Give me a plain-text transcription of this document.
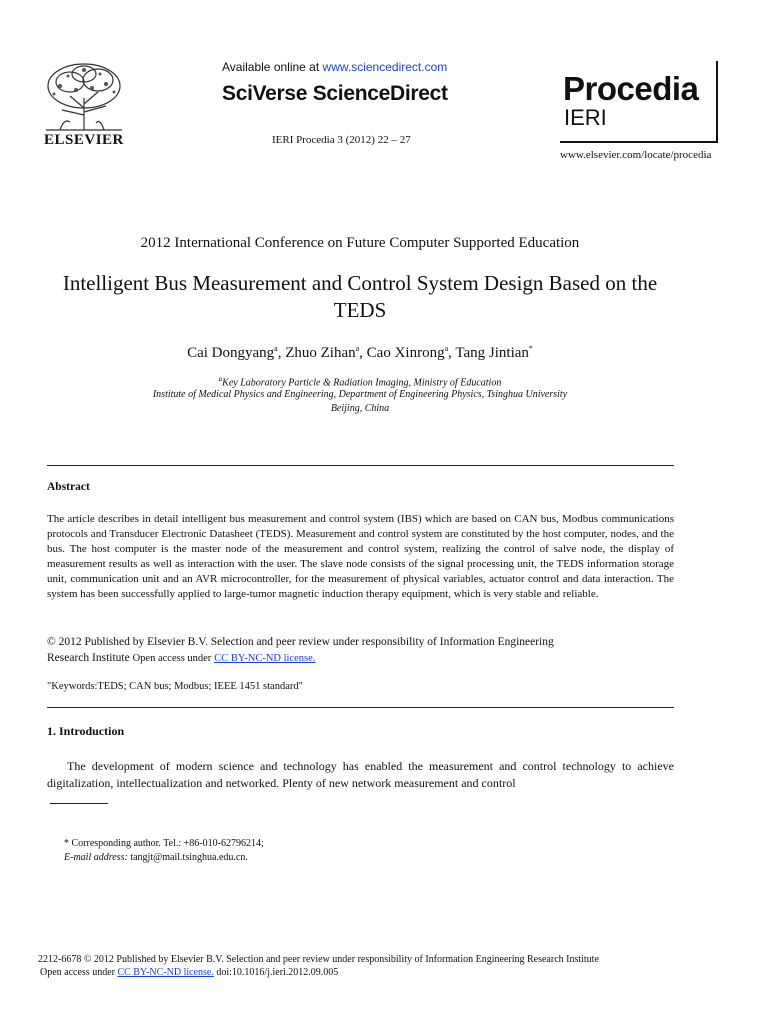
ELSEVIER
Available online at www.sciencedirect.com
SciVerse ScienceDirect
IERI Procedia 3 (2012) 22 – 27
Procedia
IERI
www.elsevier.com/locate/procedia
2012 International Conference on Future Computer Supported Education
Intelligent Bus Measurement and Control System Design Based on the TEDS
Cai Dongyang$^a$, Zhuo Zihan$^a$, Cao Xinrong$^a$, Tang Jintian*
$^a$Key Laboratory Particle & Radiation Imaging, Ministry of Education
Institute of Medical Physics and Engineering, Department of Engineering Physics, Tsinghua University
Beijing, China
Abstract
The article describes in detail intelligent bus measurement and control system (IBS) which are based on CAN bus, Modbus communications protocols and Transducer Electronic Datasheet (TEDS). Measurement and control system are constituted by the host computer, nodes, and the bus. The host computer is the master node of the measurement and control system, realizing the control of salve node, the display of measurement results as well as interaction with the user. The slave node consists of the signal processing unit, the TEDS information storage unit, communication unit and an AVR microcontroller, for the measurement of physical variables, actuator control and data interaction. The system has been successfully applied to large-tumor magnetic induction therapy equipment, which is very stable and reliable.
© 2012 Published by Elsevier B.V. Selection and peer review under responsibility of Information Engineering
Research Institute Open access under CC BY-NC-ND license.
"Keywords:TEDS; CAN bus; Modbus; IEEE 1451 standard"
1. Introduction
The development of modern science and technology has enabled the measurement and control technology to achieve digitalization, intellectualization and networked. Plenty of new network measurement and control
* Corresponding author. Tel.: +86-010-62796214;
E-mail address: tangjt@mail.tsinghua.edu.cn.
2212-6678 © 2012 Published by Elsevier B.V. Selection and peer review under responsibility of Information Engineering Research Institute
Open access under CC BY-NC-ND license. doi:10.1016/j.ieri.2012.09.005
